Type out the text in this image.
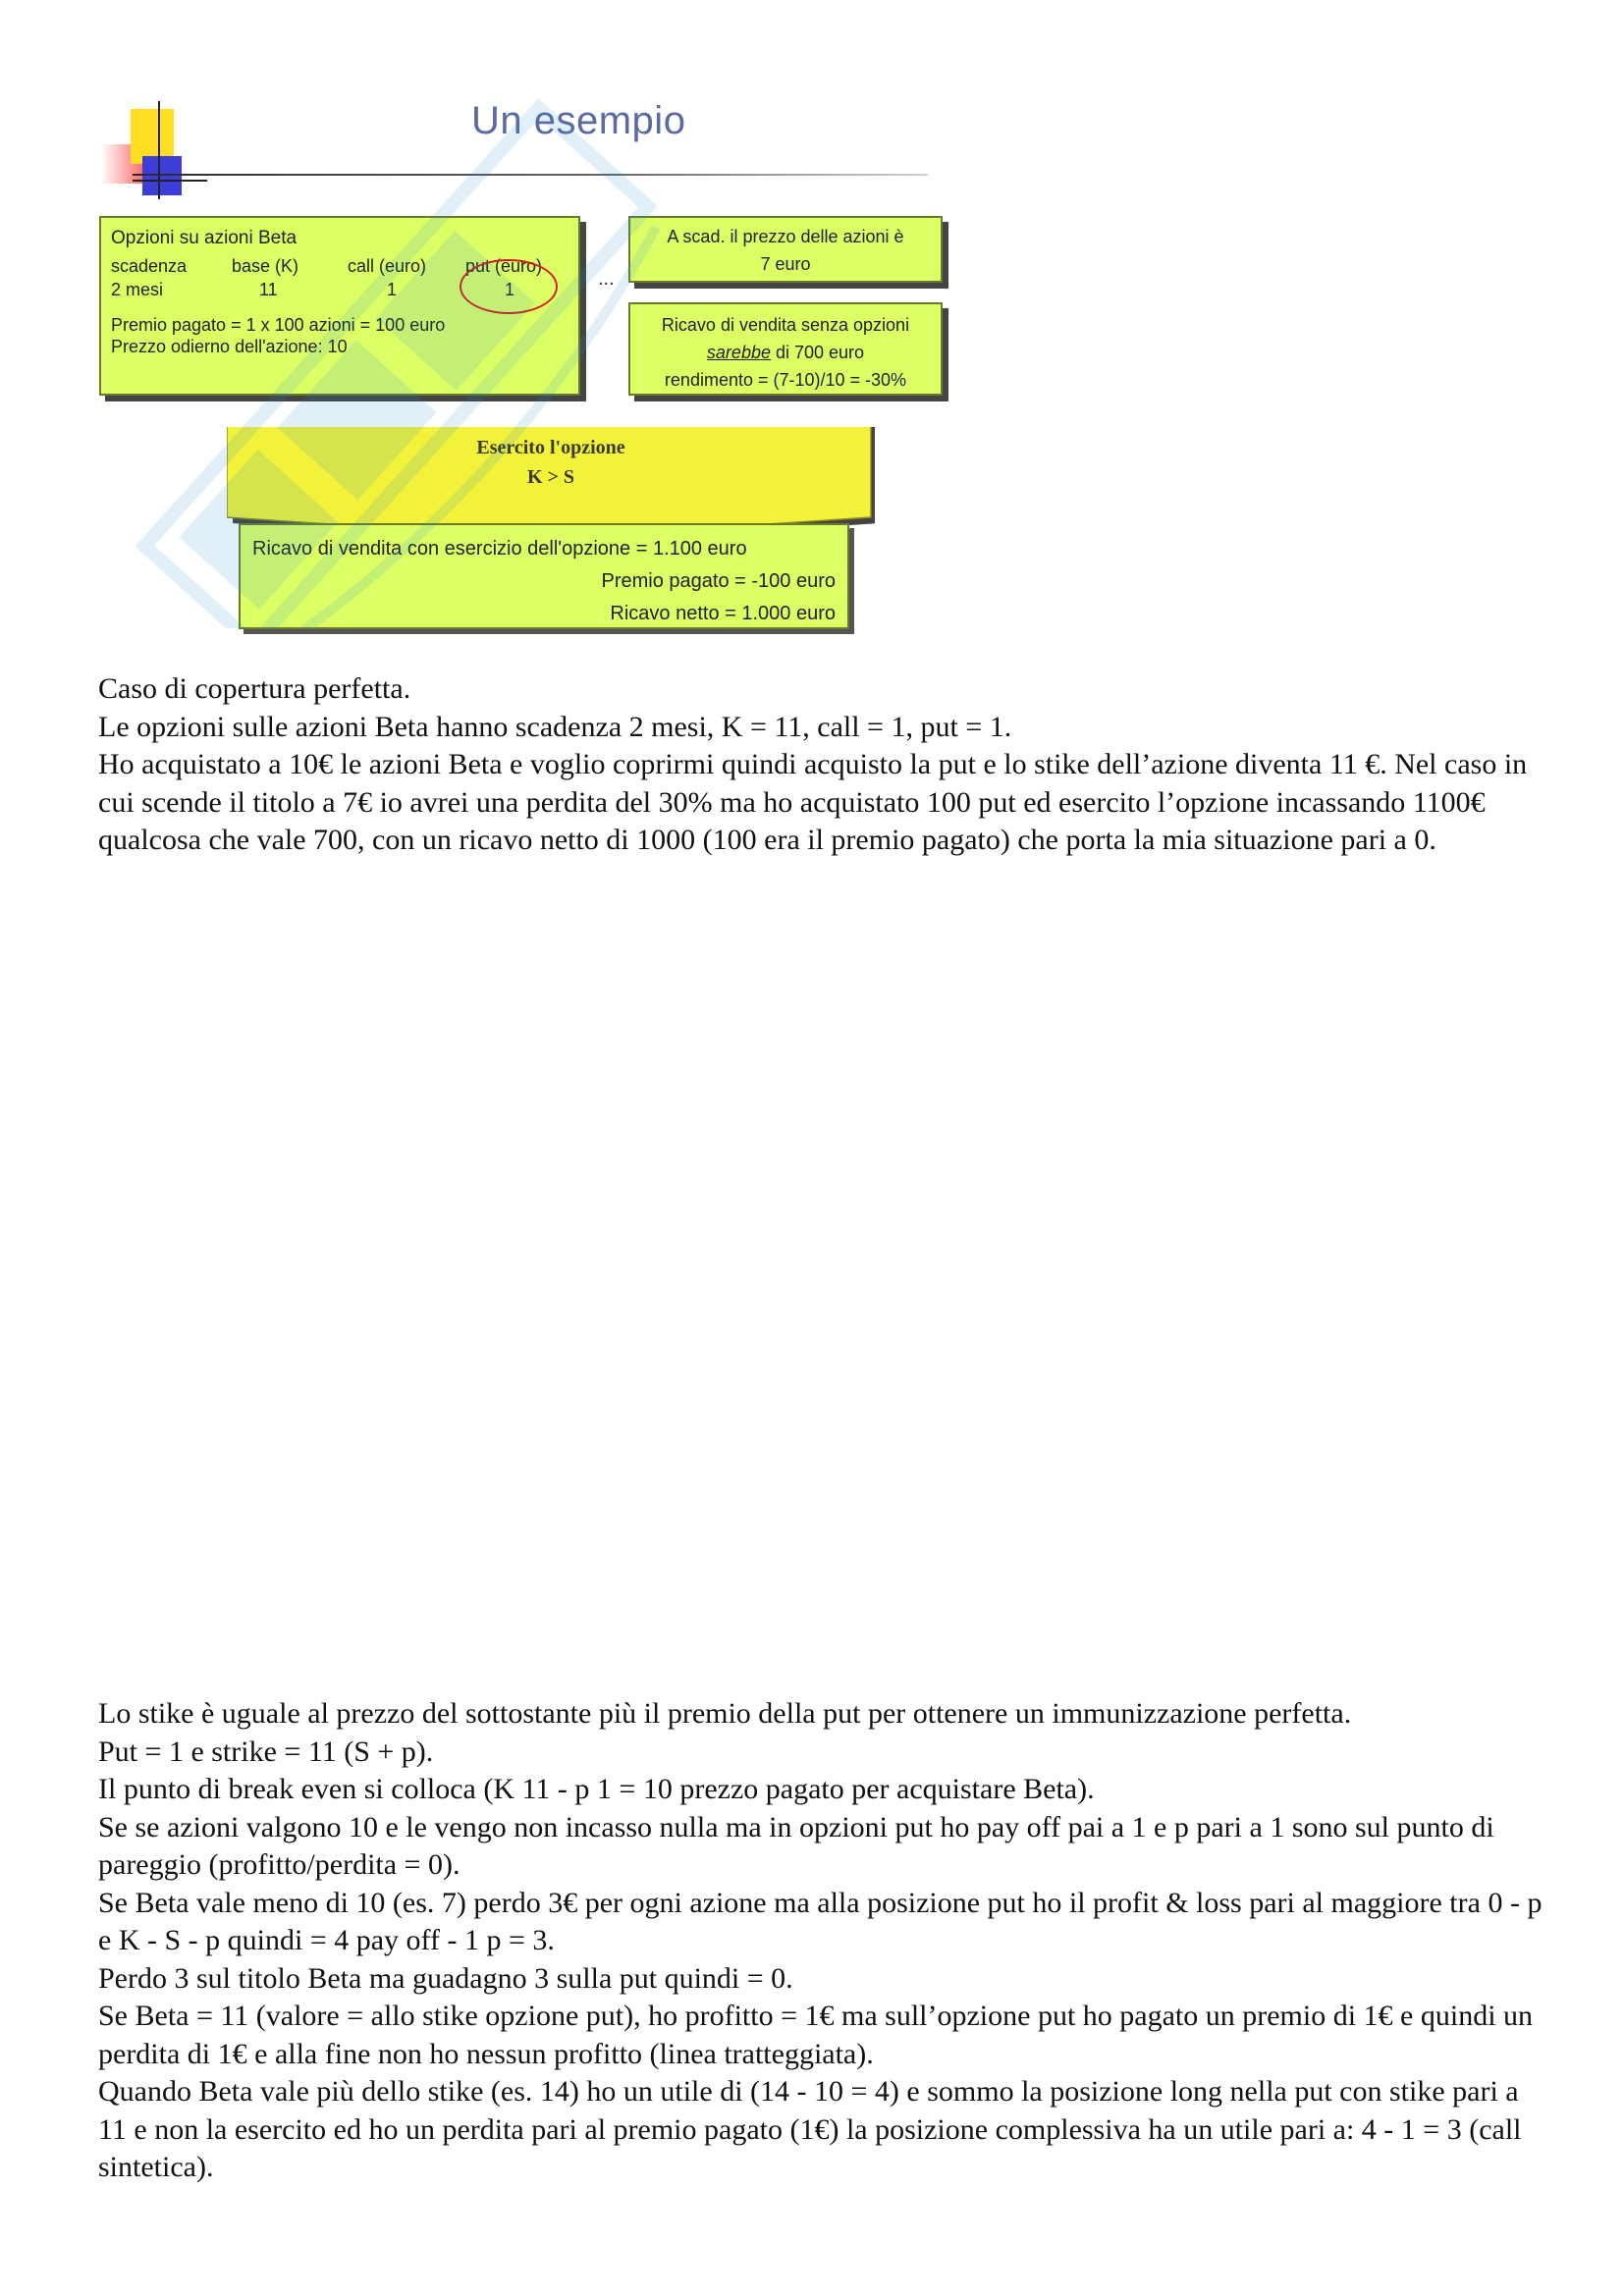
Un esempio
Opzioni su azioni Beta
scadenza	base (K)	call (euro)	put (euro)
2 mesi	11	1	1
Premio pagato = 1 x 100 azioni = 100 euro
Prezzo odierno dell'azione: 10
...
A scad. il prezzo delle azioni è
7 euro
Ricavo di vendita senza opzioni
sarebbe di 700 euro
rendimento = (7-10)/10 = -30%
Esercito l'opzione
K > S
Ricavo di vendita con esercizio dell'opzione = 1.100 euro
Premio pagato = -100 euro
Ricavo netto = 1.000 euro

Caso di copertura perfetta.

Le opzioni sulle azioni Beta hanno scadenza 2 mesi, K = 11, call = 1, put = 1.

Ho acquistato a 10€ le azioni Beta e voglio coprirmi quindi acquisto la put e lo stike dell’azione diventa 11 €. Nel caso in cui scende il titolo a 7€ io avrei una perdita del 30% ma ho acquistato 100 put ed esercito l’opzione incassando 1100€ qualcosa che vale 700, con un ricavo netto di 1000 (100 era il premio pagato) che porta la mia situazione pari a 0.

Lo stike è uguale al prezzo del sottostante più il premio della put per ottenere un immunizzazione perfetta.

Put = 1 e strike = 11 (S + p).

Il punto di break even si colloca (K 11 - p 1 = 10 prezzo pagato per acquistare Beta).

Se se azioni valgono 10 e le vengo non incasso nulla ma in opzioni put ho pay off pai a 1 e p pari a 1 sono sul punto di pareggio (profitto/perdita = 0).

Se Beta vale meno di 10 (es. 7) perdo 3€ per ogni azione ma alla posizione put ho il profit & loss pari al maggiore tra 0 - p e K - S - p quindi = 4 pay off - 1 p = 3.

Perdo 3 sul titolo Beta ma guadagno 3 sulla put quindi = 0.

Se Beta = 11 (valore = allo stike opzione put), ho profitto = 1€ ma sull’opzione put ho pagato un premio di 1€ e quindi un perdita di 1€ e alla fine non ho nessun profitto (linea tratteggiata).

Quando Beta vale più dello stike (es. 14) ho un utile di (14 - 10 = 4) e sommo la posizione long nella put con stike pari a 11 e non la esercito ed ho un perdita pari al premio pagato (1€) la posizione complessiva ha un utile pari a: 4 - 1 = 3 (call sintetica).
